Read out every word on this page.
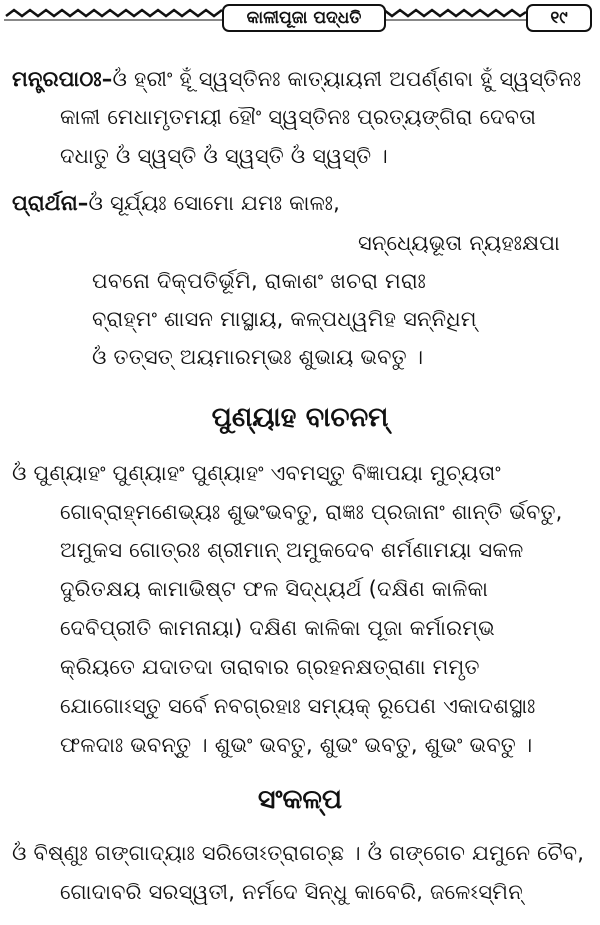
କାଳୀପୂଜା ପଦ୍ଧତି	୧୯
ମନ୍ତ୍ରପାଠଃ–ଓଁ ହ୍ରୀଂ ହୂଁ ସ୍ୱସ୍ତିନଃ କାତ୍ୟାୟନୀ ଅପର୍ଣ୍ଣବା ହୁଁ ସ୍ୱସ୍ତିନଃ
କାଳୀ ମେଧାମୃତମୟୀ ହୌଂ ସ୍ୱସ୍ତିନଃ ପ୍ରତ୍ୟଙ୍ଗିରା ଦେବତା
ଦଧାତୁ ଓଁ ସ୍ୱସ୍ତି ଓଁ ସ୍ୱସ୍ତି ଓଁ ସ୍ୱସ୍ତି ।
ପ୍ରାର୍ଥନା–ଓଁ ସୂର୍ଯ୍ୟଃ ସୋମୋ ଯମଃ କାଳଃ,
ସନ୍ଧ୍ୟେଭୂତା ନ୍ୟହଃକ୍ଷପା
ପବନୋ ଦିକ୍‌ପତିର୍ଭୂମି, ରାକାଶଂ ଖଚରା ମରାଃ
ବ୍ରାହ୍ମଂ ଶାସନ ମାସ୍ଥାୟ, କଳ୍ପଧ୍ୱମିହ ସନ୍ନିଧିମ୍
ଓଁ ତତ୍‌ସତ୍ ଅୟମାରମ୍ଭଃ ଶୁଭାୟ ଭବତୁ ।
ପୁଣ୍ୟାହ ବାଚନମ୍
ଓଁ ପୁଣ୍ୟାହଂ ପୁଣ୍ୟାହଂ ପୁଣ୍ୟାହଂ ଏବମସ୍ତୁ ବିଜ୍ଞାପୟା ମୁଚ୍ୟତାଂ
ଗୋବ୍ରାହ୍ମଣେଭ୍ୟଃ ଶୁଭଂଭବତୁ, ରାଜ୍ଞଃ ପ୍ରଜାନାଂ ଶାନ୍ତି ର୍ଭବତୁ,
ଅମୁକସ ଗୋତ୍ରଃ ଶ୍ରୀମାନ୍ ଅମୁକଦେବ ଶର୍ମଣାମୟା ସକଳ
ଦୁରିତକ୍ଷୟ କାମାଭିଷ୍ଟ ଫଳ ସିଦ୍ଧ୍ୟର୍ଥ (ଦକ୍ଷିଣ କାଳିକା
ଦେବିପ୍ରୀତି କାମନାୟା) ଦକ୍ଷିଣ କାଳିକା ପୂଜା କର୍ମାରମ୍ଭ
କ୍ରିୟତେ ଯଦାତଦା ତାରାବାର ଗ୍ରହନକ୍ଷତ୍ରାଣା ମମୃତ
ଯୋଗୋଽସ୍ତୁ ସର୍ବେ ନବଗ୍ରହାଃ ସମ୍ୟକ୍ ରୂପେଣ ଏକାଦଶସ୍ଥାଃ
ଫଳଦାଃ ଭବନ୍ତୁ । ଶୁଭଂ ଭବତୁ, ଶୁଭଂ ଭବତୁ, ଶୁଭଂ ଭବତୁ ।
ସଂକଳ୍ପ
ଓଁ ବିଷ୍ଣୁଃ ଗଙ୍ଗାଦ୍ୟାଃ ସରିତୋଽତ୍ରାଗଚ୍ଛ । ଓଁ ଗଙ୍ଗେଚ ଯମୁନେ ଚୈବ,
ଗୋଦାବରି ସରସ୍ୱତୀ, ନର୍ମଦେ ସିନ୍ଧୁ କାବେରି, ଜଳେଽସ୍ମିନ୍
